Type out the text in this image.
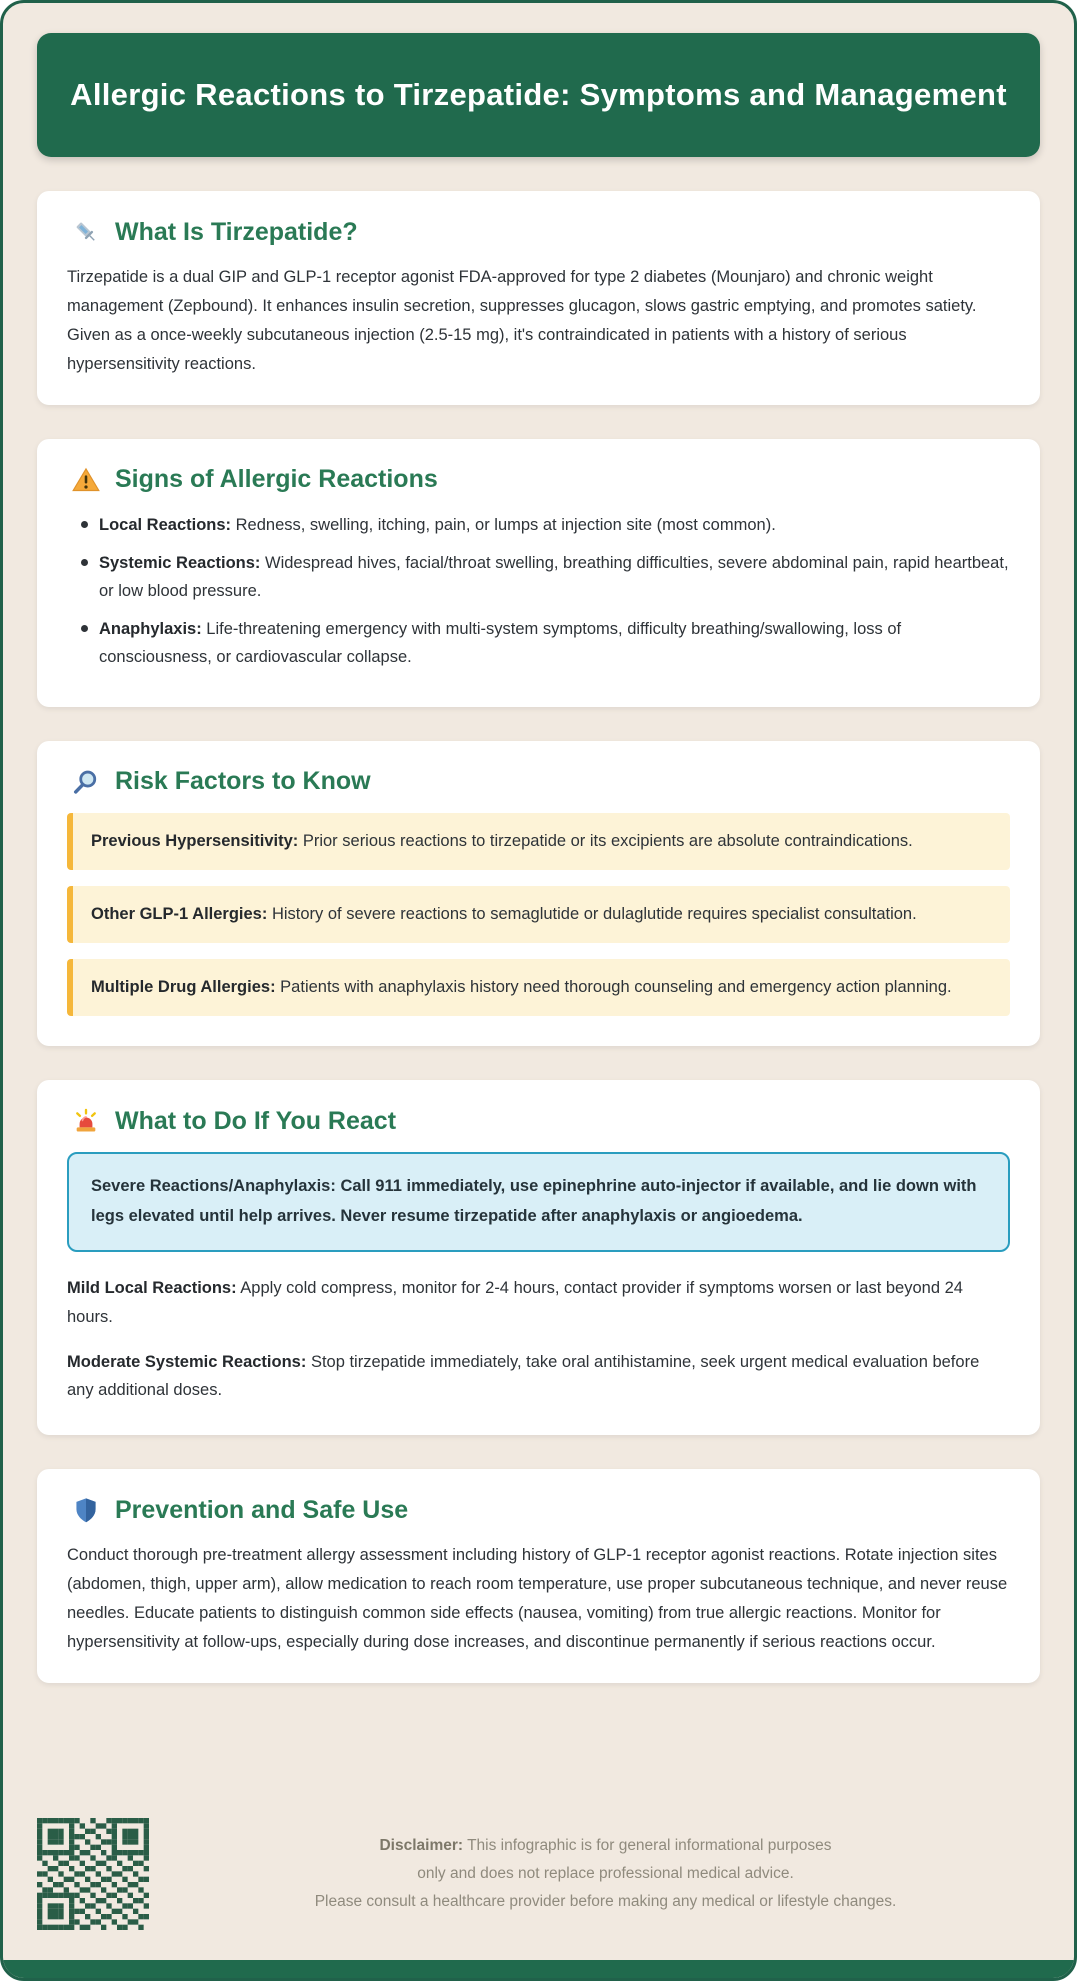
Allergic Reactions to Tirzepatide: Symptoms and Management
What Is Tirzepatide?

Tirzepatide is a dual GIP and GLP-1 receptor agonist FDA-approved for type 2 diabetes (Mounjaro) and chronic weight management (Zepbound). It enhances insulin secretion, suppresses glucagon, slows gastric emptying, and promotes satiety. Given as a once-weekly subcutaneous injection (2.5-15 mg), it's contraindicated in patients with a history of serious hypersensitivity reactions.

Signs of Allergic Reactions
Local Reactions: Redness, swelling, itching, pain, or lumps at injection site (most common).
Systemic Reactions: Widespread hives, facial/throat swelling, breathing difficulties, severe abdominal pain, rapid heartbeat, or low blood pressure.
Anaphylaxis: Life-threatening emergency with multi-system symptoms, difficulty breathing/swallowing, loss of consciousness, or cardiovascular collapse.
Risk Factors to Know
Previous Hypersensitivity: Prior serious reactions to tirzepatide or its excipients are absolute contraindications.
Other GLP-1 Allergies: History of severe reactions to semaglutide or dulaglutide requires specialist consultation.
Multiple Drug Allergies: Patients with anaphylaxis history need thorough counseling and emergency action planning.
What to Do If You React
Severe Reactions/Anaphylaxis: Call 911 immediately, use epinephrine auto-injector if available, and lie down with legs elevated until help arrives. Never resume tirzepatide after anaphylaxis or angioedema.

Mild Local Reactions: Apply cold compress, monitor for 2-4 hours, contact provider if symptoms worsen or last beyond 24 hours.

Moderate Systemic Reactions: Stop tirzepatide immediately, take oral antihistamine, seek urgent medical evaluation before any additional doses.

Prevention and Safe Use

Conduct thorough pre-treatment allergy assessment including history of GLP-1 receptor agonist reactions. Rotate injection sites (abdomen, thigh, upper arm), allow medication to reach room temperature, use proper subcutaneous technique, and never reuse needles. Educate patients to distinguish common side effects (nausea, vomiting) from true allergic reactions. Monitor for hypersensitivity at follow-ups, especially during dose increases, and discontinue permanently if serious reactions occur.

Disclaimer: This infographic is for general informational purposes
only and does not replace professional medical advice.
Please consult a healthcare provider before making any medical or lifestyle changes.
